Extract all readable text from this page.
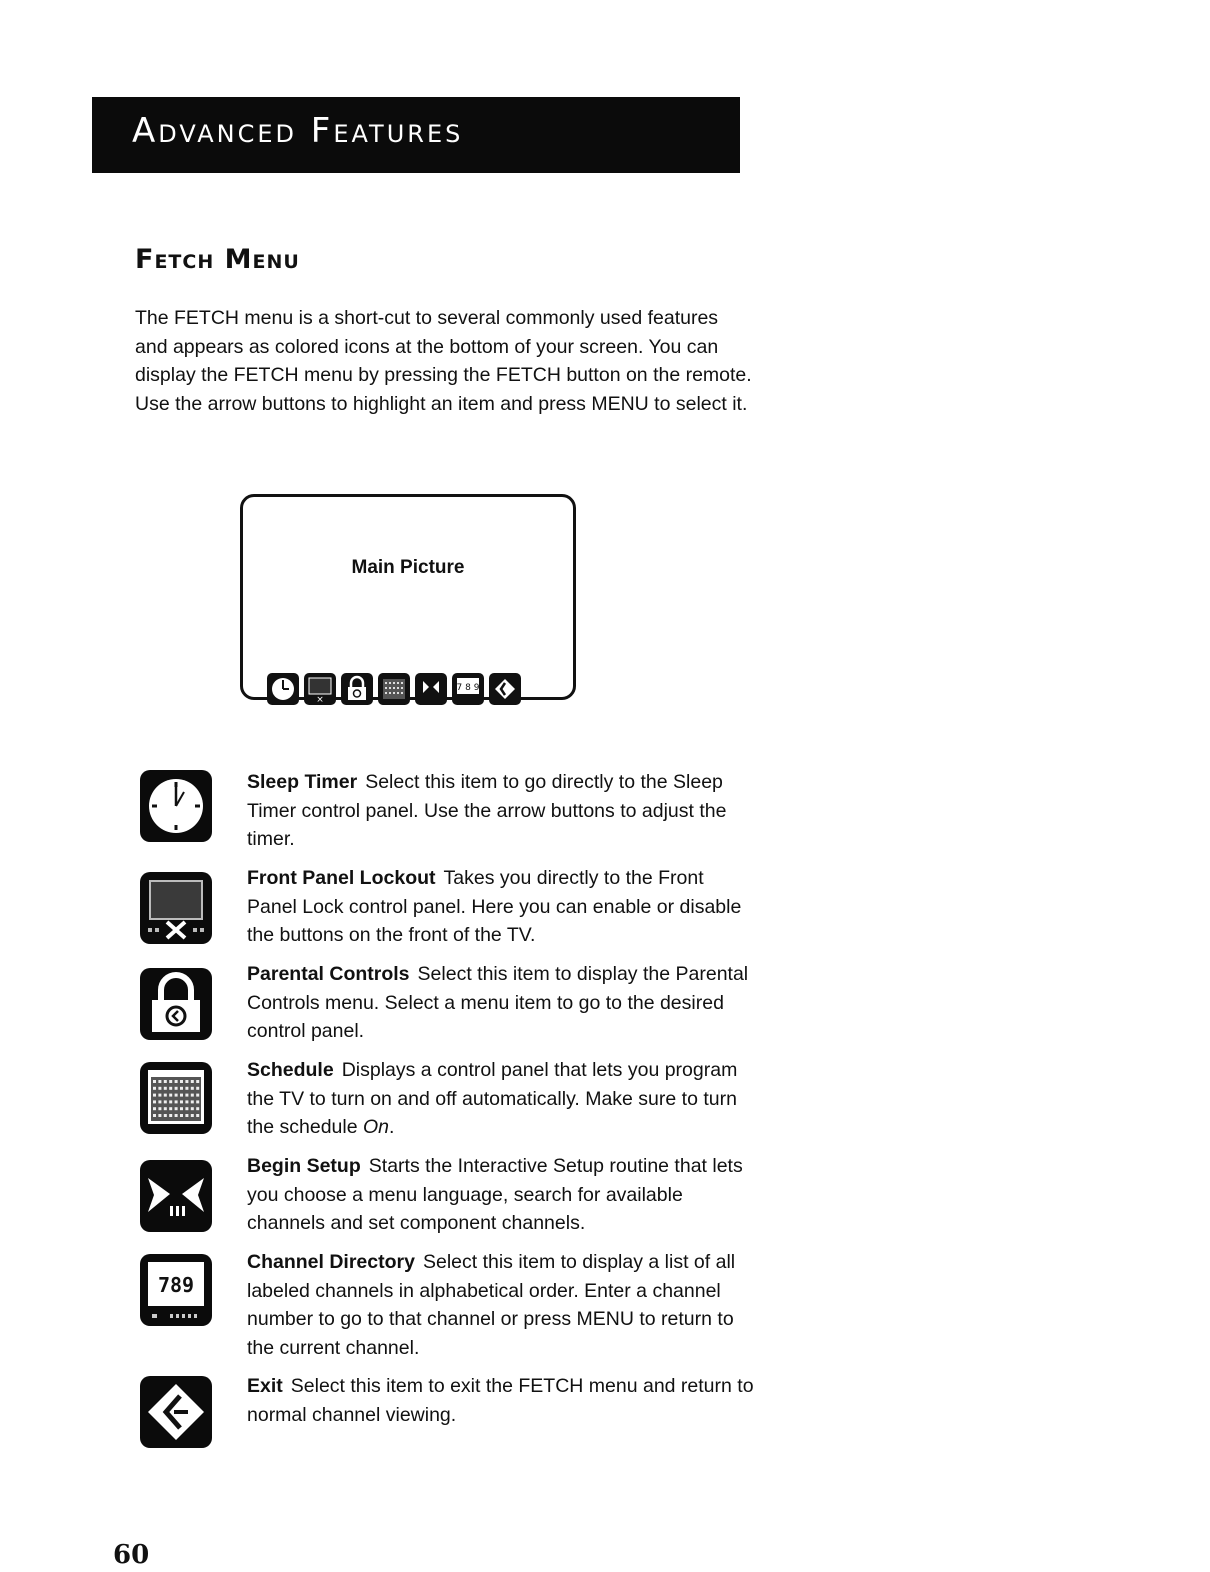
Advanced Features
Fetch Menu
The FETCH menu is a short-cut to several commonly used features and appears as colored icons at the bottom of your screen. You can display the FETCH menu by pressing the FETCH button on the remote. Use the arrow buttons to highlight an item and press MENU to select it.
Main Picture
×
7 8 9
Sleep Timer Select this item to go directly to the Sleep Timer control panel. Use the arrow buttons to adjust the timer.
Front Panel Lockout Takes you directly to the Front Panel Lock control panel. Here you can enable or disable the buttons on the front of the TV.
Parental Controls Select this item to display the Parental Controls menu. Select a menu item to go to the desired control panel.
Schedule Displays a control panel that lets you program the TV to turn on and off automatically. Make sure to turn the schedule On.
Begin Setup Starts the Interactive Setup routine that lets you choose a menu language, search for available channels and set component channels.
789
Channel Directory Select this item to display a list of all labeled channels in alphabetical order. Enter a channel number to go to that channel or press MENU to return to the current channel.
Exit Select this item to exit the FETCH menu and return to normal channel viewing.
60
